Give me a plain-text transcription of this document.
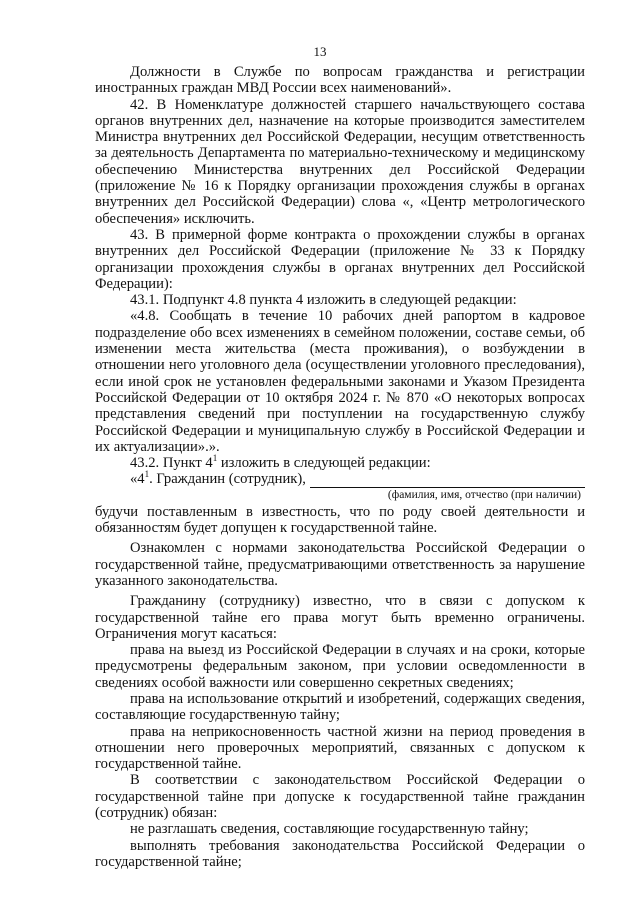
13

Должности в Службе по вопросам гражданства и регистрации иностранных граждан МВД России всех наименований».

42. В Номенклатуре должностей старшего начальствующего состава органов внутренних дел, назначение на которые производится заместителем Министра внутренних дел Российской Федерации, несущим ответственность за деятельность Департамента по материально-техническому и медицинскому обеспечению Министерства внутренних дел Российской Федерации (приложение № 16 к Порядку организации прохождения службы в органах внутренних дел Российской Федерации) слова «, «Центр метрологического обеспечения» исключить.

43. В примерной форме контракта о прохождении службы в органах внутренних дел Российской Федерации (приложение № 33 к Порядку организации прохождения службы в органах внутренних дел Российской Федерации):

43.1. Подпункт 4.8 пункта 4 изложить в следующей редакции:

«4.8. Сообщать в течение 10 рабочих дней рапортом в кадровое подразделение обо всех изменениях в семейном положении, составе семьи, об изменении места жительства (места проживания), о возбуждении в отношении него уголовного дела (осуществлении уголовного преследования), если иной срок не установлен федеральными законами и Указом Президента Российской Федерации от 10 октября 2024 г. № 870 «О некоторых вопросах представления сведений при поступлении на государственную службу Российской Федерации и муниципальную службу в Российской Федерации и их актуализации».».

43.2. Пункт $4^1$ изложить в следующей редакции:

«$4^1$. Гражданин (сотрудник),
(фамилия, имя, отчество (при наличии)

будучи поставленным в известность, что по роду своей деятельности и обязанностям будет допущен к государственной тайне.

Ознакомлен с нормами законодательства Российской Федерации о государственной тайне, предусматривающими ответственность за нарушение указанного законодательства.

Гражданину (сотруднику) известно, что в связи с допуском к государственной тайне его права могут быть временно ограничены. Ограничения могут касаться:

права на выезд из Российской Федерации в случаях и на сроки, которые предусмотрены федеральным законом, при условии осведомленности в сведениях особой важности или совершенно секретных сведениях;

права на использование открытий и изобретений, содержащих сведения, составляющие государственную тайну;

права на неприкосновенность частной жизни на период проведения в отношении него проверочных мероприятий, связанных с допуском к государственной тайне.

В соответствии с законодательством Российской Федерации о государственной тайне при допуске к государственной тайне гражданин (сотрудник) обязан:

не разглашать сведения, составляющие государственную тайну;

выполнять требования законодательства Российской Федерации о государственной тайне;
